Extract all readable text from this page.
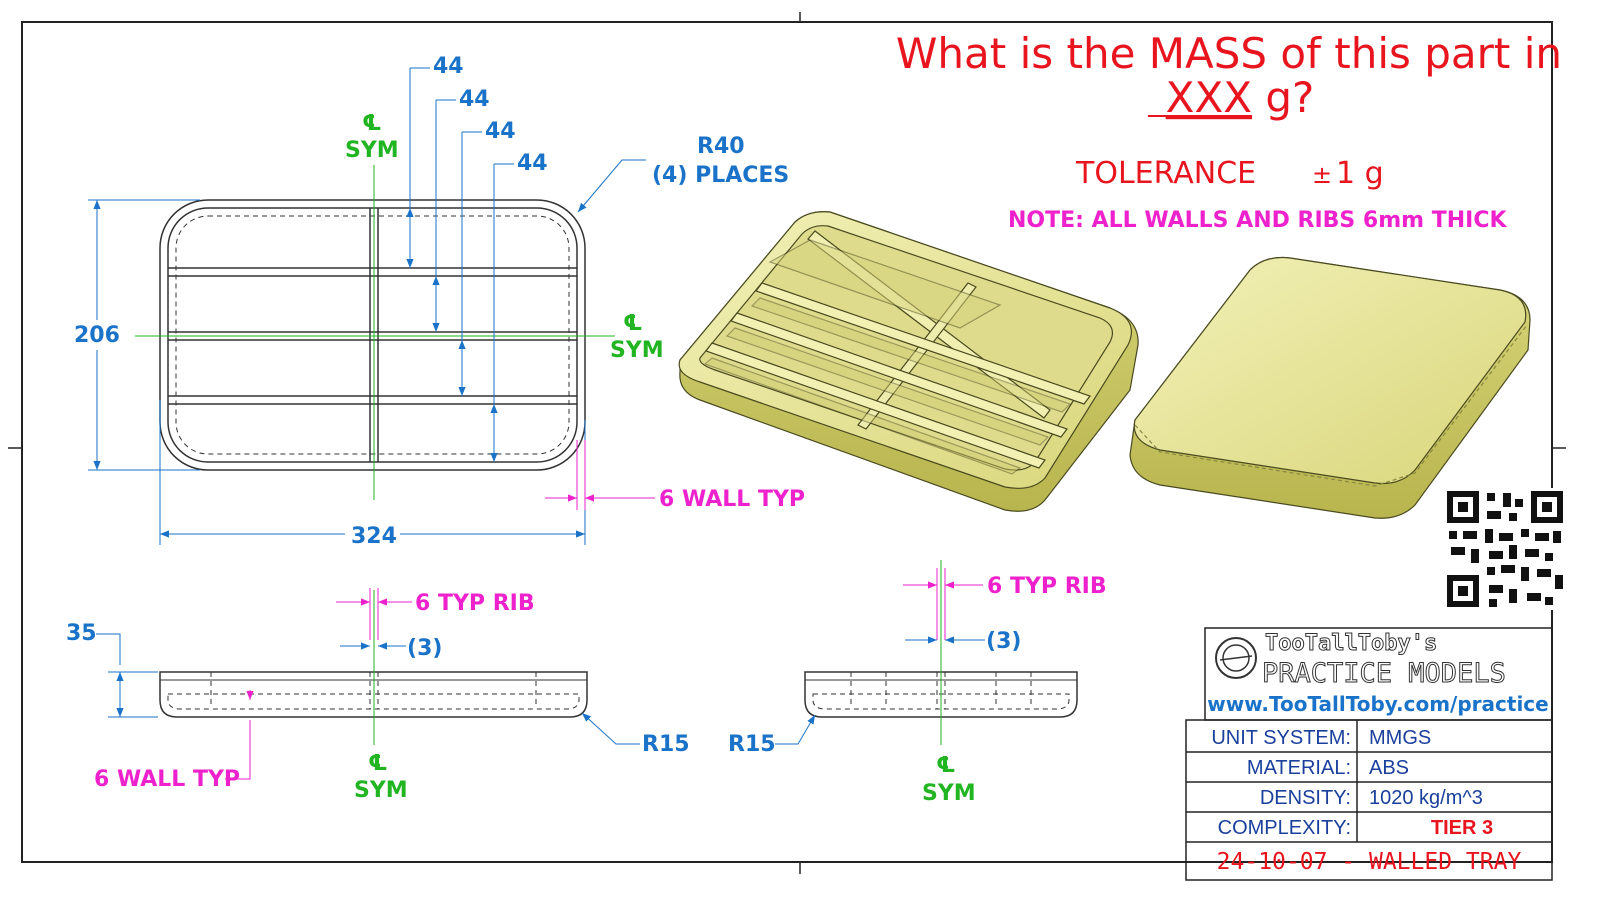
44
44
44
44
℄
SYM
℄
SYM
R40
(4) PLACES
206
324
6 WALL TYP
6 TYP RIB
(3)
35
6 WALL TYP
R15
℄
SYM
6 TYP RIB
(3)
R15
℄
SYM
What is the MASS of this part in
XXX g?
TOLERANCE ± 1 g
NOTE: ALL WALLS AND RIBS 6mm THICK
TooTallToby's
PRACTICE MODELS
www.TooTallToby.com/practice
UNIT SYSTEM: MMGS
MATERIAL: ABS
DENSITY: 1020 kg/m^3
COMPLEXITY:	TIER 3
24-10-07 - WALLED TRAY
